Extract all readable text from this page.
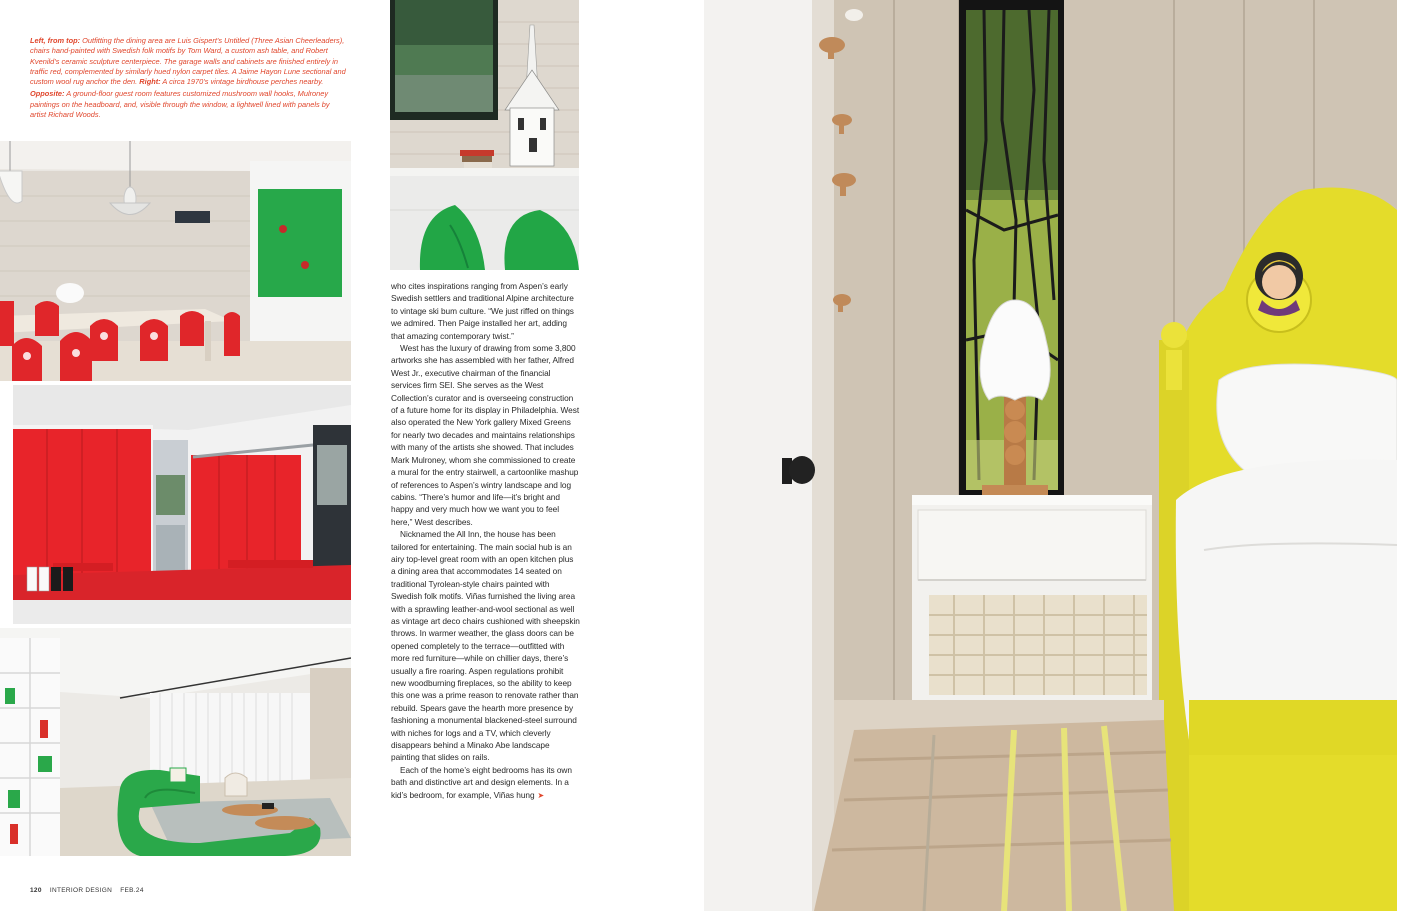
Left, from top: Outfitting the dining area are Luis Gispert’s Untitled (Three Asian Cheerleaders), chairs hand-painted with Swedish folk motifs by Tom Ward, a custom ash table, and Robert Kvenild’s ceramic sculpture centerpiece. The garage walls and cabinets are finished entirely in traffic red, complemented by similarly hued nylon carpet tiles. A Jaime Hayon Lune sectional and custom wool rug anchor the den. Right: A circa 1970’s vintage birdhouse perches nearby.

Opposite: A ground-floor guest room features customized mushroom wall hooks, Mulroney paintings on the headboard, and, visible through the window, a lightwell lined with panels by artist Richard Woods.

who cites inspirations ranging from Aspen’s early Swedish settlers and traditional Alpine architecture to vintage ski bum culture. “We just riffed on things we admired. Then Paige installed her art, adding that amazing contemporary twist.”

West has the luxury of drawing from some 3,800 artworks she has assembled with her father, Alfred West Jr., executive chairman of the financial services firm SEI. She serves as the West Collection’s curator and is overseeing construction of a future home for its display in Philadelphia. West also operated the New York gallery Mixed Greens for nearly two decades and maintains relationships with many of the artists she showed. That includes Mark Mulroney, whom she commissioned to create a mural for the entry stairwell, a cartoonlike mashup of references to Aspen’s wintry landscape and log cabins. “There’s humor and life—it’s bright and happy and very much how we want you to feel here,” West describes.

Nicknamed the All Inn, the house has been tailored for entertaining. The main social hub is an airy top-level great room with an open kitchen plus a dining area that accommodates 14 seated on traditional Tyrolean-style chairs painted with Swedish folk motifs. Viñas furnished the living area with a sprawling leather-and-wool sectional as well as vintage art deco chairs cushioned with sheepskin throws. In warmer weather, the glass doors can be opened completely to the terrace—outfitted with more red furniture—while on chillier days, there’s usually a fire roaring. Aspen regulations prohibit new woodburning fireplaces, so the ability to keep this one was a prime reason to renovate rather than rebuild. Spears gave the hearth more presence by fashioning a monumental blackened-steel surround with niches for logs and a TV, which cleverly disappears behind a Minako Abe landscape painting that slides on rails.

Each of the home’s eight bedrooms has its own bath and distinctive art and design elements. In a kid’s bedroom, for example, Viñas hung ➤

120 INTERIOR DESIGN FEB.24
